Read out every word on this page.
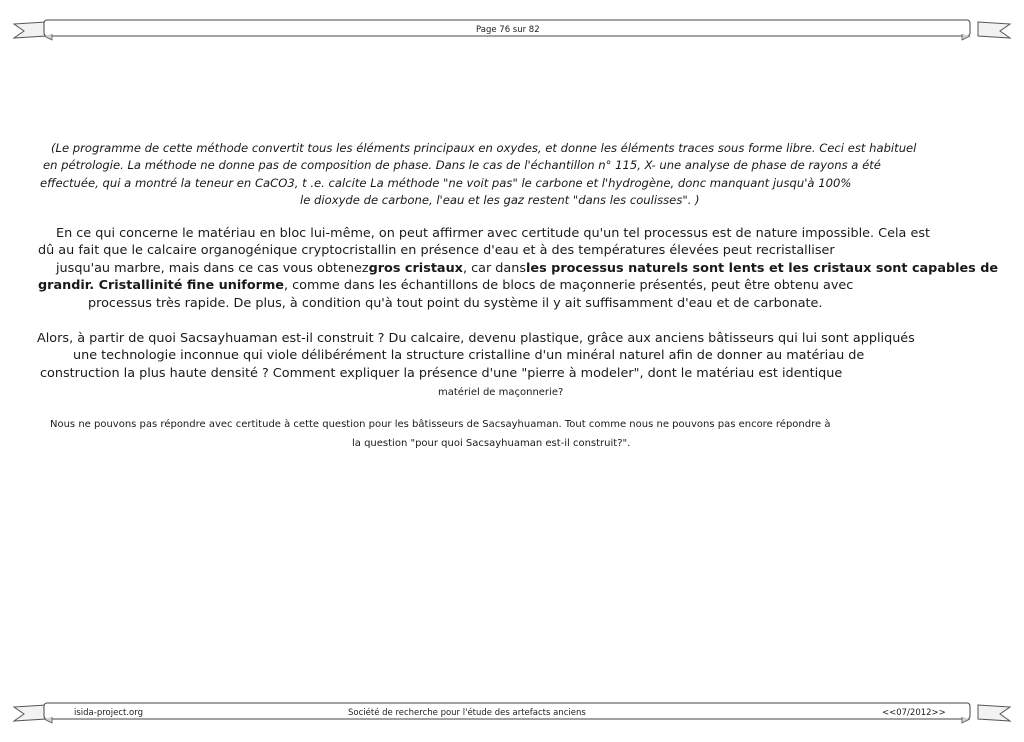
Page 76 sur 82
(Le programme de cette méthode convertit tous les éléments principaux en oxydes, et donne les éléments traces sous forme libre. Ceci est habituel
en pétrologie. La méthode ne donne pas de composition de phase. Dans le cas de l'échantillon n° 115, X- une analyse de phase de rayons a été
effectuée, qui a montré la teneur en CaCO3, t .e. calcite La méthode "ne voit pas" le carbone et l'hydrogène, donc manquant jusqu'à 100%
le dioxyde de carbone, l'eau et les gaz restent "dans les coulisses". )
En ce qui concerne le matériau en bloc lui-même, on peut affirmer avec certitude qu'un tel processus est de nature impossible. Cela est
dû au fait que le calcaire organogénique cryptocristallin en présence d'eau et à des températures élevées peut recristalliser
jusqu'au marbre, mais dans ce cas vous obtenezgros cristaux, car dansles processus naturels sont lents et les cristaux sont capables de
grandir. Cristallinité fine uniforme, comme dans les échantillons de blocs de maçonnerie présentés, peut être obtenu avec
processus très rapide. De plus, à condition qu'à tout point du système il y ait suffisamment d'eau et de carbonate.
Alors, à partir de quoi Sacsayhuaman est-il construit ? Du calcaire, devenu plastique, grâce aux anciens bâtisseurs qui lui sont appliqués
une technologie inconnue qui viole délibérément la structure cristalline d'un minéral naturel afin de donner au matériau de
construction la plus haute densité ? Comment expliquer la présence d'une "pierre à modeler", dont le matériau est identique
matériel de maçonnerie?
Nous ne pouvons pas répondre avec certitude à cette question pour les bâtisseurs de Sacsayhuaman. Tout comme nous ne pouvons pas encore répondre à
la question "pour quoi Sacsayhuaman est-il construit?".
isida-project.org	Société de recherche pour l'étude des artefacts anciens	<<07/2012>>
